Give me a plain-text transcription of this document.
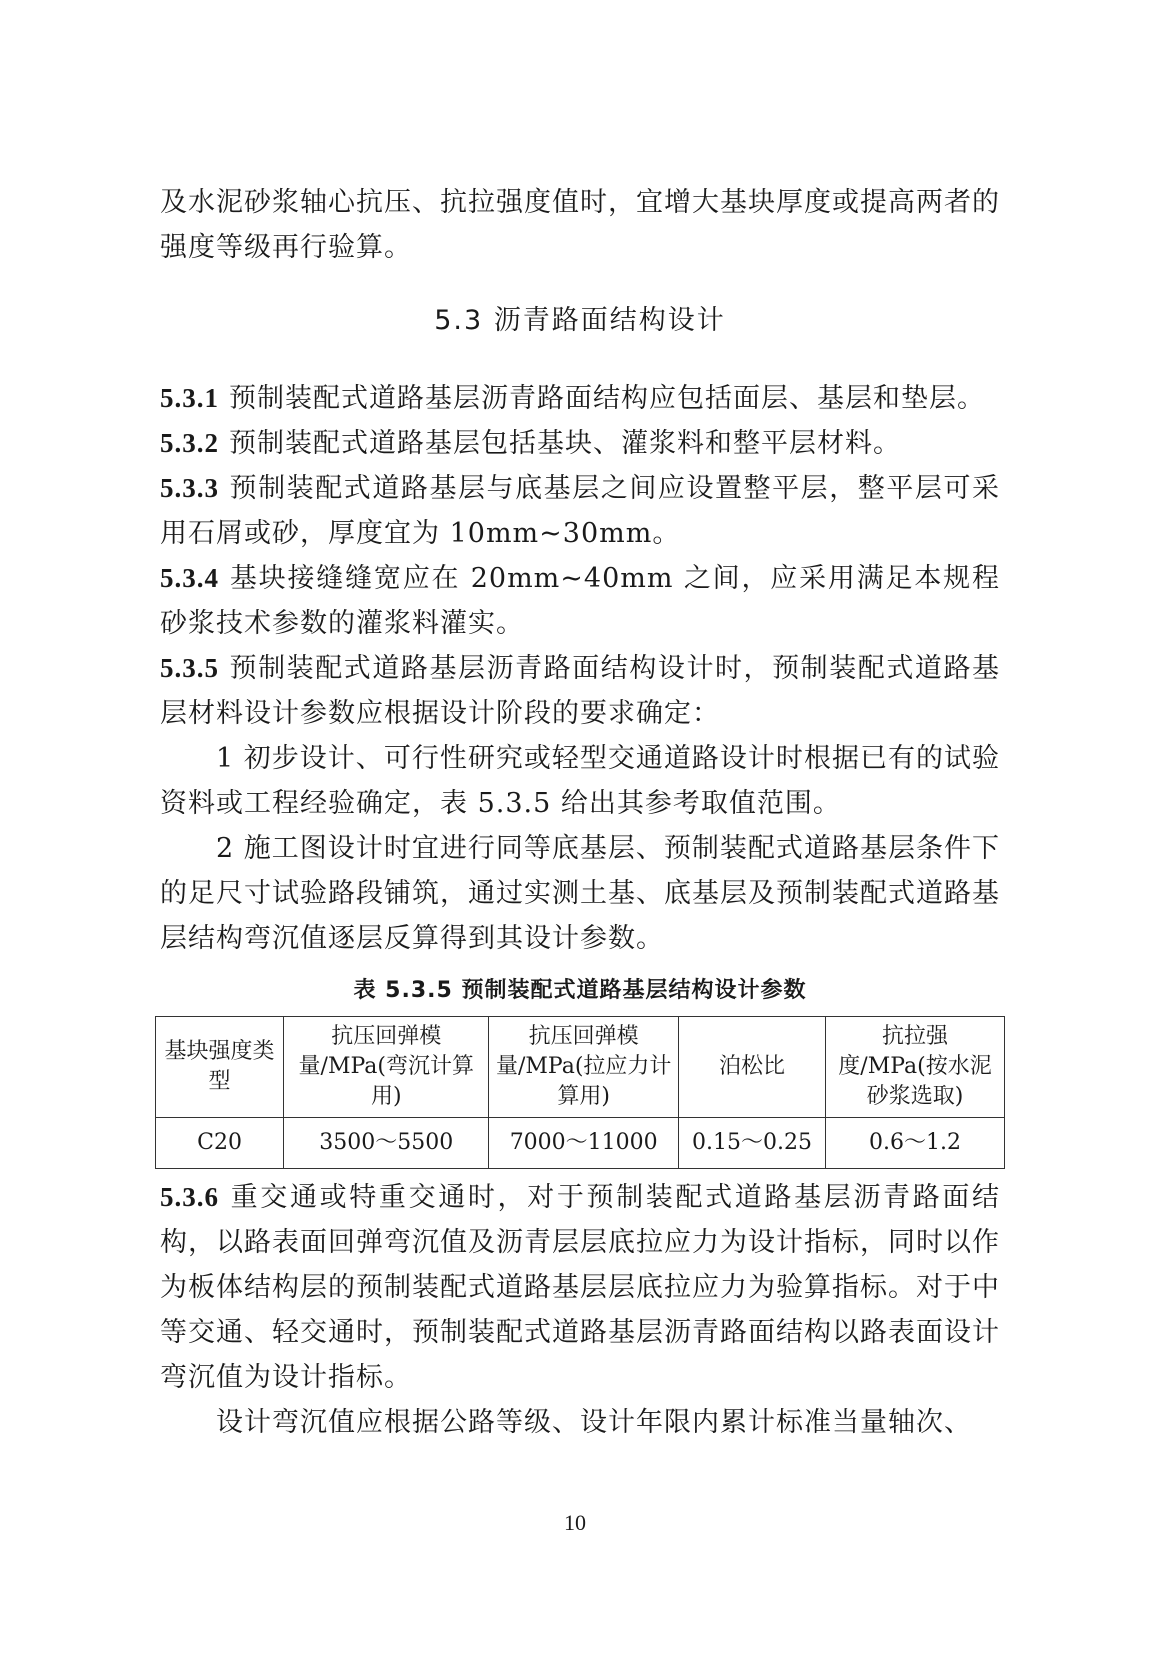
及水泥砂浆轴心抗压、抗拉强度值时，宜增大基块厚度或提高两者的强度等级再行验算。

5.3 沥青路面结构设计

5.3.1 预制装配式道路基层沥青路面结构应包括面层、基层和垫层。

5.3.2 预制装配式道路基层包括基块、灌浆料和整平层材料。

5.3.3 预制装配式道路基层与底基层之间应设置整平层，整平层可采用石屑或砂，厚度宜为 10mm~30mm。

5.3.4 基块接缝缝宽应在 20mm~40mm 之间，应采用满足本规程砂浆技术参数的灌浆料灌实。

5.3.5 预制装配式道路基层沥青路面结构设计时，预制装配式道路基层材料设计参数应根据设计阶段的要求确定：

1 初步设计、可行性研究或轻型交通道路设计时根据已有的试验资料或工程经验确定，表 5.3.5 给出其参考取值范围。

2 施工图设计时宜进行同等底基层、预制装配式道路基层条件下的足尺寸试验路段铺筑，通过实测土基、底基层及预制装配式道路基层结构弯沉值逐层反算得到其设计参数。

表 5.3.5 预制装配式道路基层结构设计参数
基块强度类型	抗压回弹模量/MPa(弯沉计算用)	抗压回弹模量/MPa(拉应力计算用)	泊松比	抗拉强度/MPa(按水泥砂浆选取)
C20	3500～5500	7000～11000	0.15～0.25	0.6～1.2

5.3.6 重交通或特重交通时，对于预制装配式道路基层沥青路面结构，以路表面回弹弯沉值及沥青层层底拉应力为设计指标，同时以作为板体结构层的预制装配式道路基层层底拉应力为验算指标。对于中等交通、轻交通时，预制装配式道路基层沥青路面结构以路表面设计弯沉值为设计指标。

设计弯沉值应根据公路等级、设计年限内累计标准当量轴次、

10
